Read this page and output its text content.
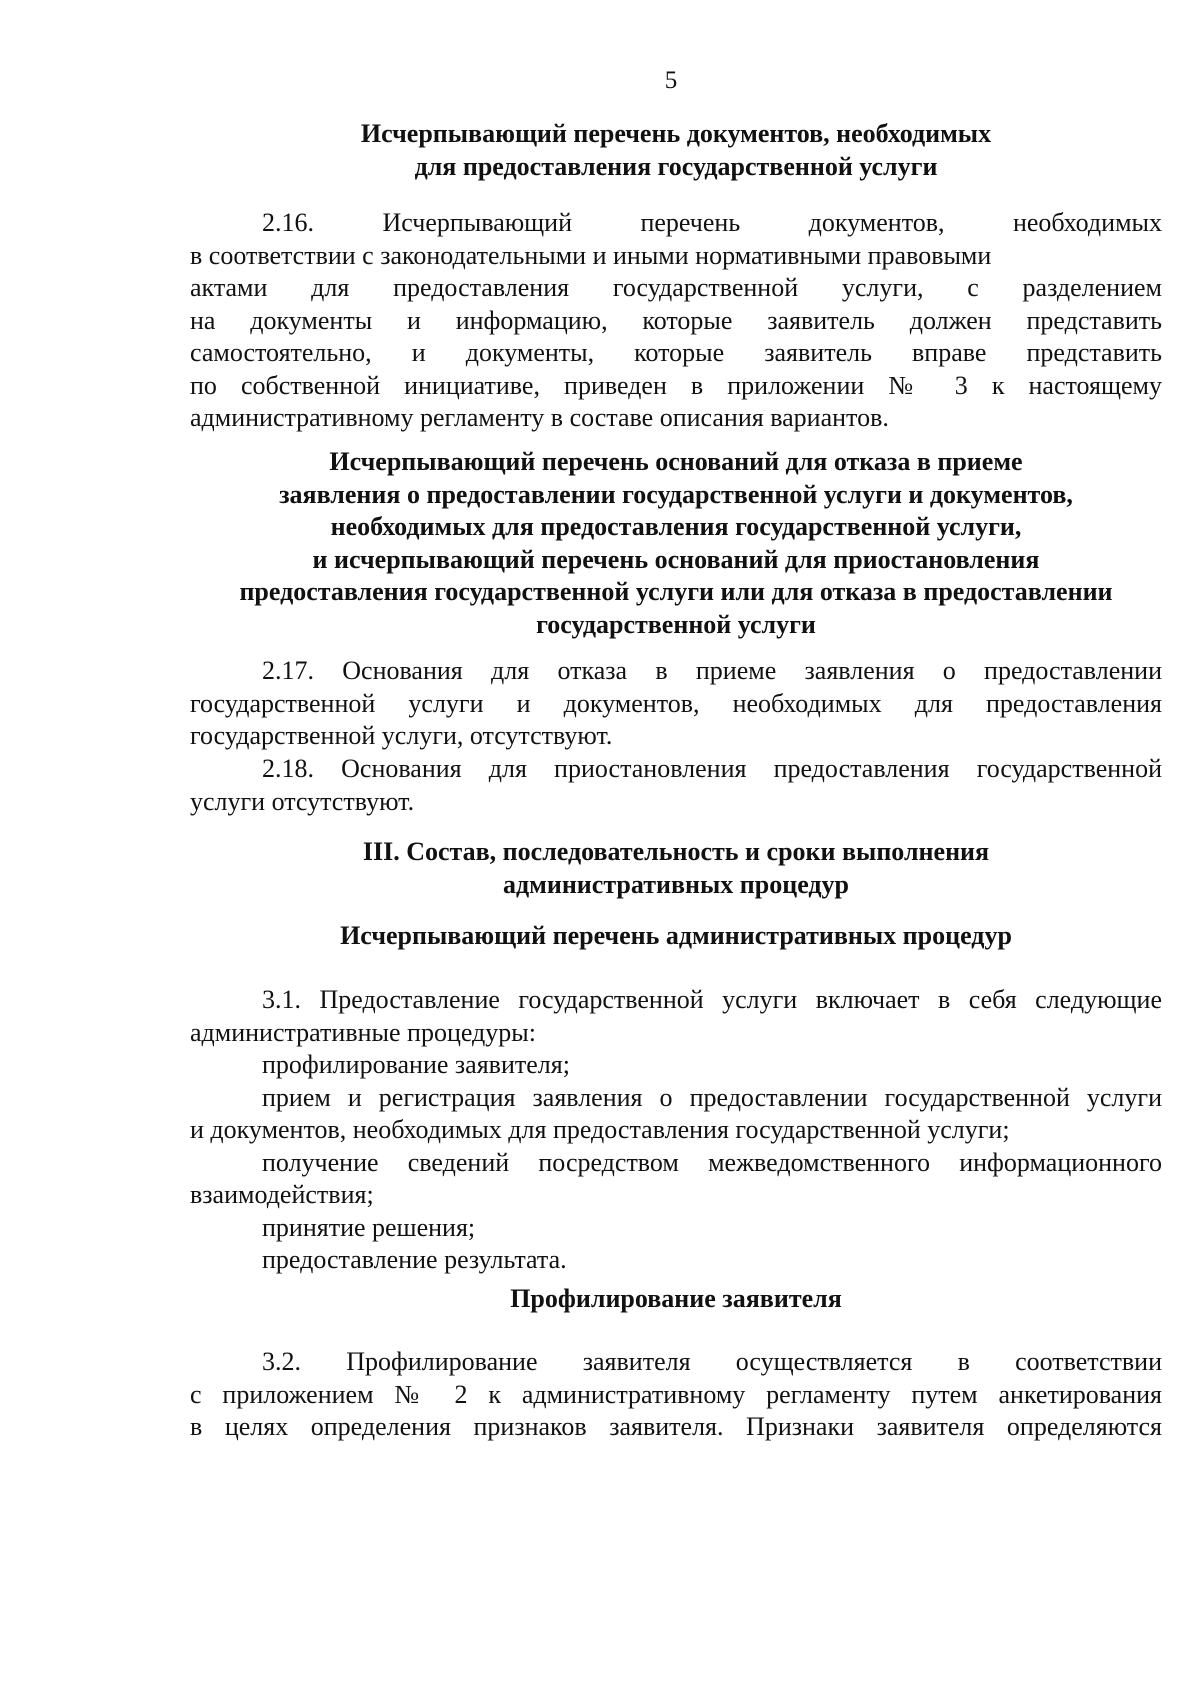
5

Исчерпывающий перечень документов, необходимых
для предоставления государственной услуги

2.16. Исчерпывающий перечень документов, необходимых
в соответствии с законодательными и иными нормативными правовыми
актами для предоставления государственной услуги, с разделением
на документы и информацию, которые заявитель должен представить
самостоятельно, и документы, которые заявитель вправе представить
по собственной инициативе, приведен в приложении № 3 к настоящему
административному регламенту в составе описания вариантов.

Исчерпывающий перечень оснований для отказа в приеме
заявления о предоставлении государственной услуги и документов,
необходимых для предоставления государственной услуги,
и исчерпывающий перечень оснований для приостановления
предоставления государственной услуги или для отказа в предоставлении
государственной услуги

2.17. Основания для отказа в приеме заявления о предоставлении
государственной услуги и документов, необходимых для предоставления
государственной услуги, отсутствуют.

2.18. Основания для приостановления предоставления государственной
услуги отсутствуют.

III. Состав, последовательность и сроки выполнения
административных процедур

Исчерпывающий перечень административных процедур

3.1. Предоставление государственной услуги включает в себя следующие
административные процедуры:

профилирование заявителя;

прием и регистрация заявления о предоставлении государственной услуги
и документов, необходимых для предоставления государственной услуги;

получение сведений посредством межведомственного информационного
взаимодействия;

принятие решения;

предоставление результата.

Профилирование заявителя

3.2. Профилирование заявителя осуществляется в соответствии
с приложением № 2 к административному регламенту путем анкетирования
в целях определения признаков заявителя. Признаки заявителя определяются
